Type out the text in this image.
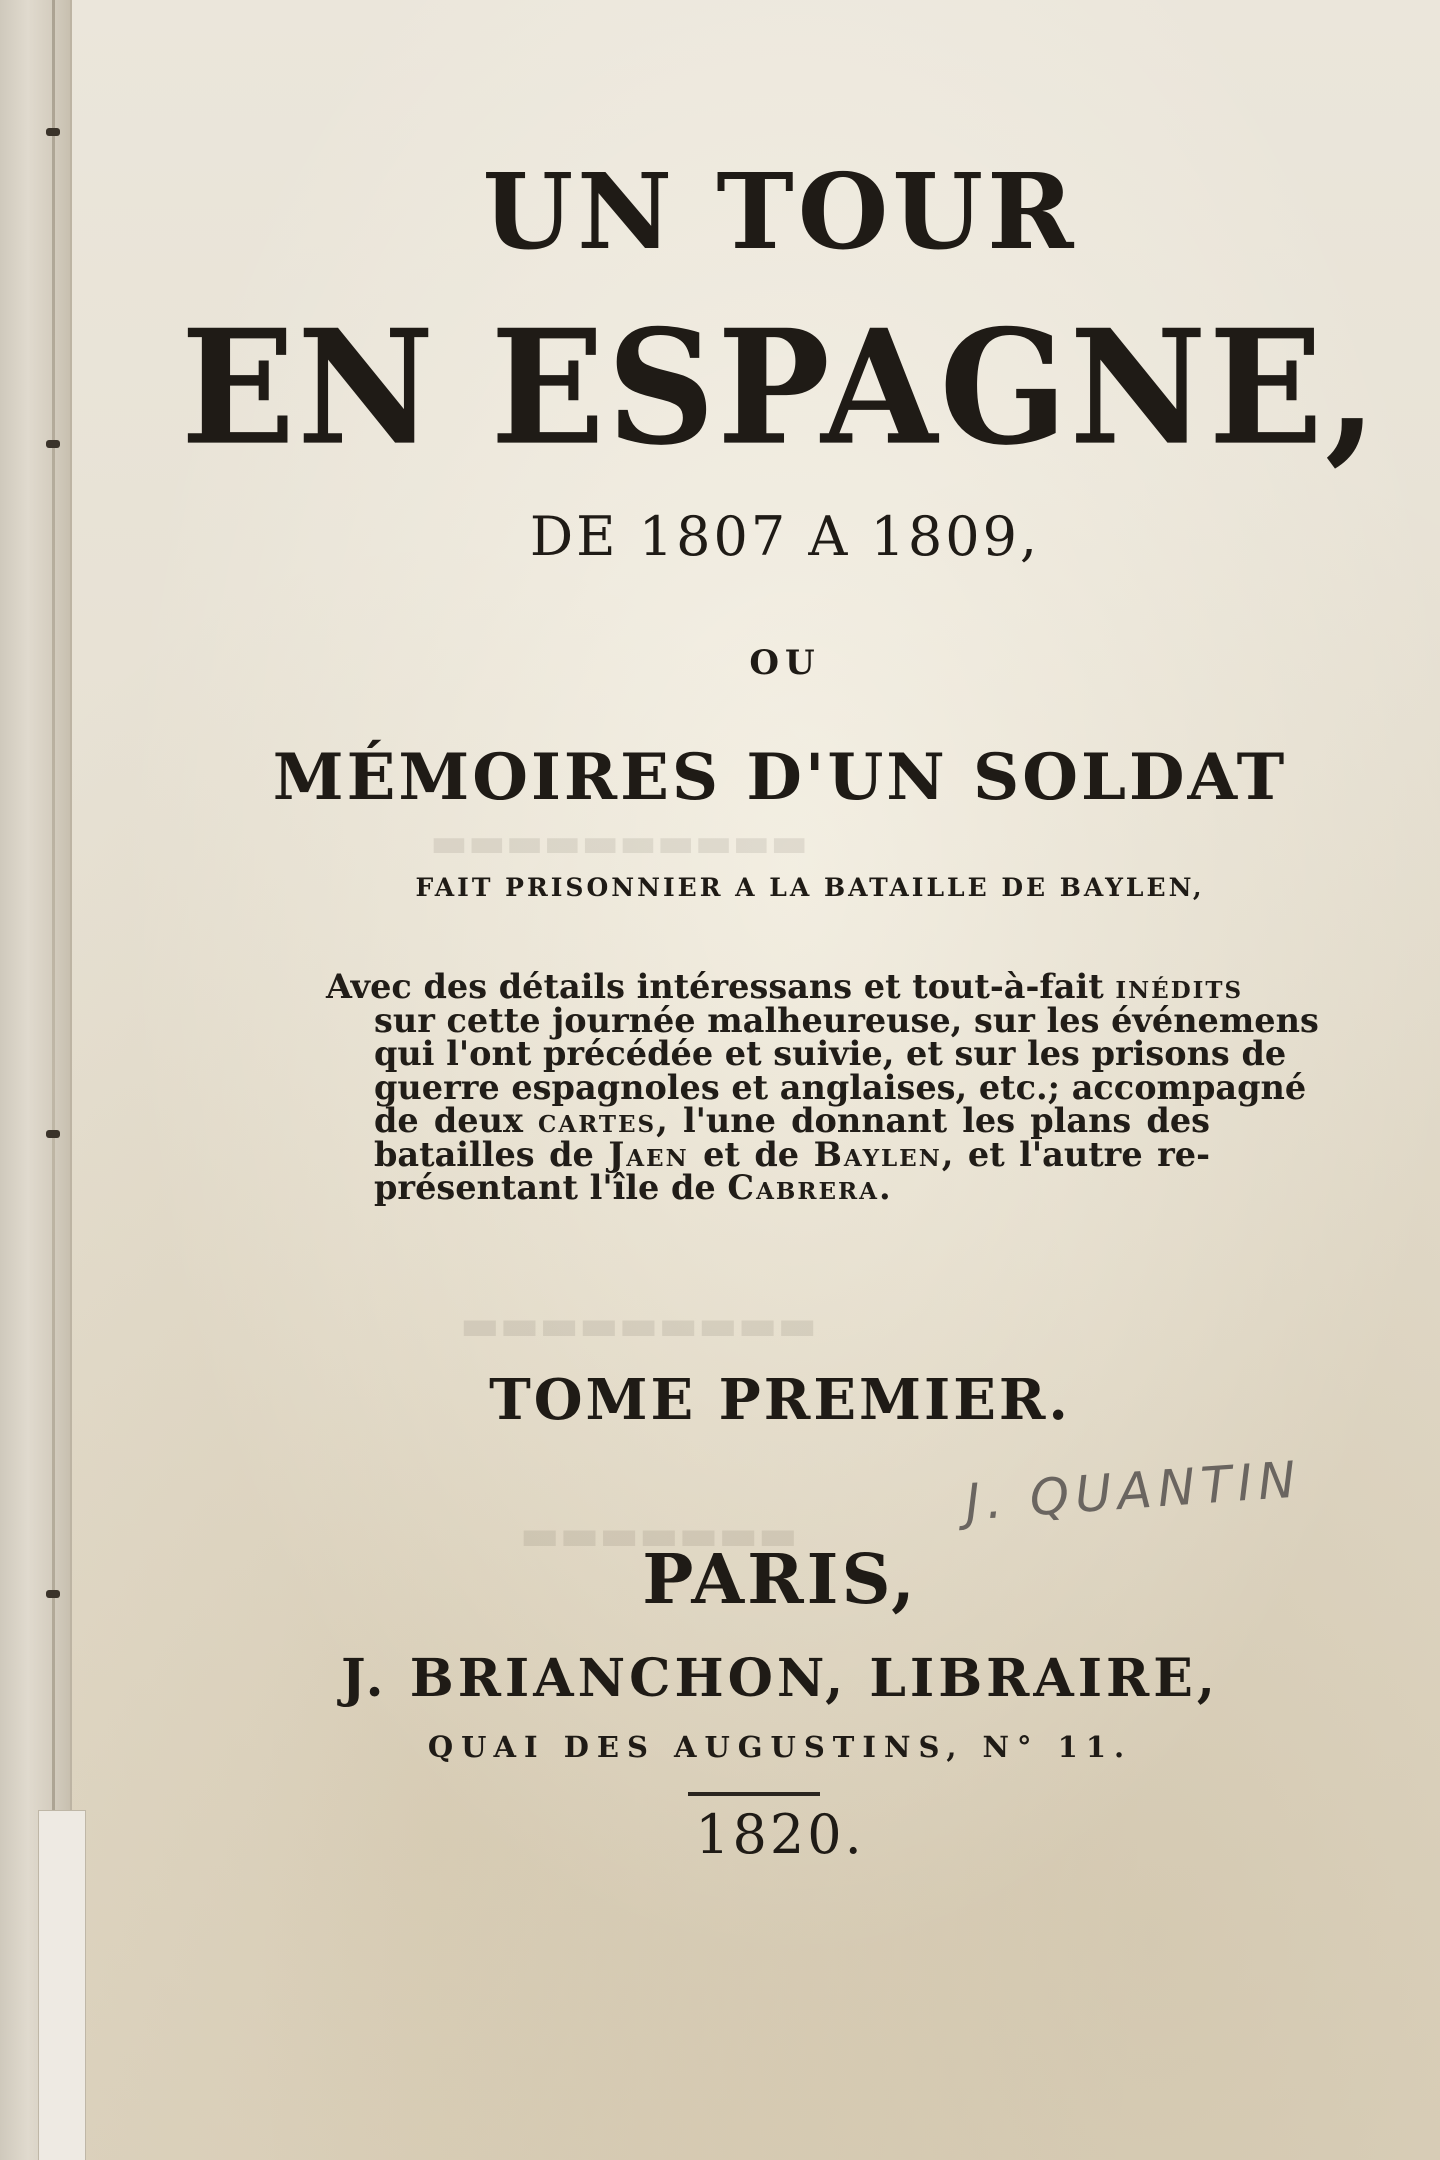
▬▬▬▬▬▬▬▬▬▬
▬▬▬▬▬▬▬▬▬
▬▬▬▬▬▬▬
UN TOUR
EN ESPAGNE,
DE 1807 A 1809,
OU
MÉMOIRES D'UN SOLDAT
FAIT PRISONNIER A LA BATAILLE DE BAYLEN,
Avec des détails intéressans et tout-à-fait inédits
sur cette journée malheureuse, sur les événemens
qui l'ont précédée et suivie, et sur les prisons de
guerre espagnoles et anglaises, etc.; accompagné
de deux cartes, l'une donnant les plans des
batailles de Jaen et de Baylen, et l'autre re-
présentant l'île de Cabrera.
TOME PREMIER.
J. QUANTIN
PARIS,
J. BRIANCHON, LIBRAIRE,
QUAI DES AUGUSTINS, N° 11.
1820.
